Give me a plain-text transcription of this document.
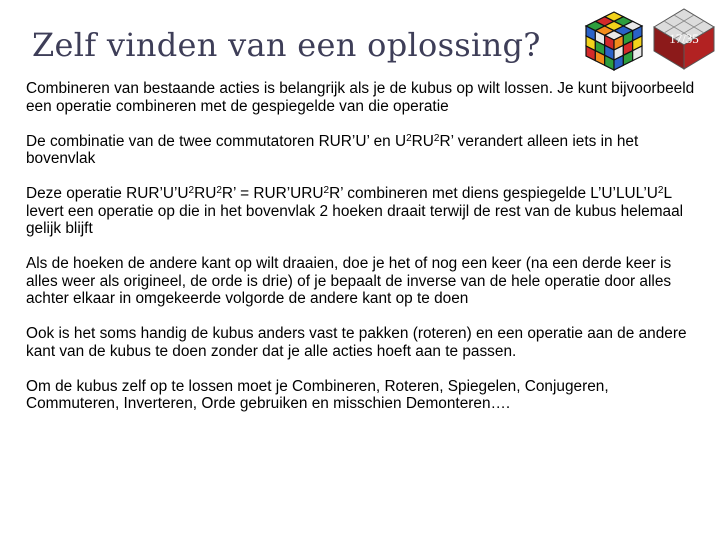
Zelf vinden van een oplossing?	17/35

Combineren van bestaande acties is belangrijk als je de kubus op wilt lossen. Je kunt bijvoorbeeld een operatie combineren met de gespiegelde van die operatie

De combinatie van de twee commutatoren RUR’U’ en $U^2RU^2R$’ verandert alleen iets in het bovenvlak

Deze operatie $RUR’U’U^2RU^2R$’ = $RUR’URU^2R$’ combineren met diens gespiegelde $L’U’LUL’U^2L$ levert een operatie op die in het bovenvlak 2 hoeken draait terwijl de rest van de kubus helemaal gelijk blijft

Als de hoeken de andere kant op wilt draaien, doe je het of nog een keer (na een derde keer is alles weer als origineel, de orde is drie) of je bepaalt de inverse van de hele operatie door alles achter elkaar in omgekeerde volgorde de andere kant op te doen

Ook is het soms handig de kubus anders vast te pakken (roteren) en een operatie aan de andere kant van de kubus te doen zonder dat je alle acties hoeft aan te passen.

Om de kubus zelf op te lossen moet je Combineren, Roteren, Spiegelen, Conjugeren, Commuteren, Inverteren, Orde gebruiken en misschien Demonteren….
